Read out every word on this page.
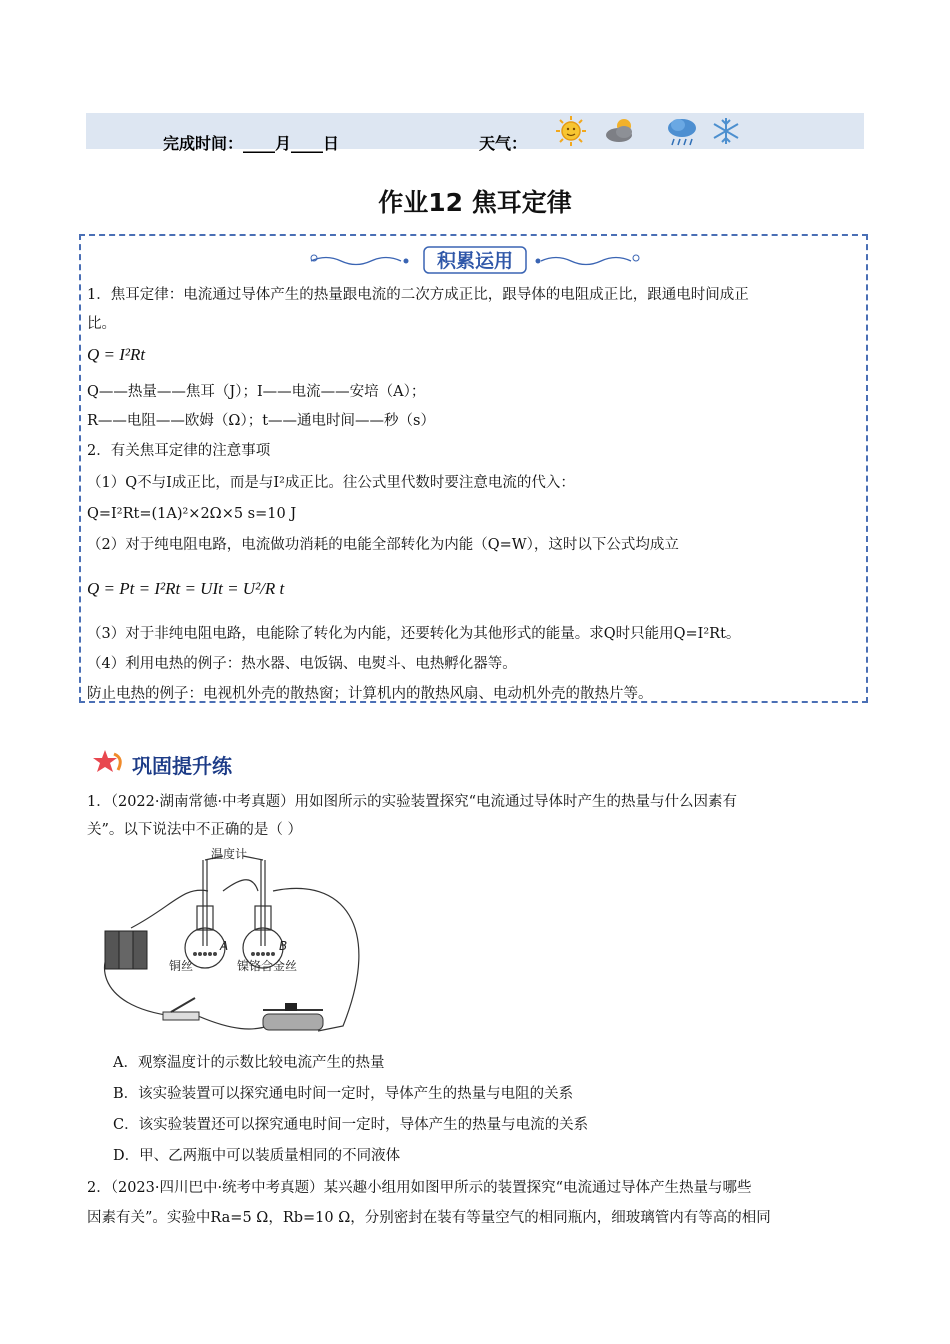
完成时间：____月____日	天气：
作业12 焦耳定律
积累运用
1．焦耳定律：电流通过导体产生的热量跟电流的二次方成正比，跟导体的电阻成正比，跟通电时间成正
比。
Q = I²Rt
Q——热量——焦耳（J）；I——电流——安培（A）；
R——电阻——欧姆（Ω）；t——通电时间——秒（s）
2．有关焦耳定律的注意事项
（1）Q不与I成正比，而是与I²成正比。往公式里代数时要注意电流的代入：
Q=I²Rt=(1A)²×2Ω×5 s=10 J
（2）对于纯电阻电路，电流做功消耗的电能全部转化为内能（Q=W），这时以下公式均成立
Q = Pt = I²Rt = UIt = U²/R t
（3）对于非纯电阻电路，电能除了转化为内能，还要转化为其他形式的能量。求Q时只能用Q=I²Rt。
（4）利用电热的例子：热水器、电饭锅、电熨斗、电热孵化器等。
防止电热的例子：电视机外壳的散热窗；计算机内的散热风扇、电动机外壳的散热片等。
巩固提升练
1．（2022·湖南常德·中考真题）用如图所示的实验装置探究“电流通过导体时产生的热量与什么因素有
关”。以下说法中不正确的是（ ）
温度计
A	B
铜丝	镍铬合金丝
A．观察温度计的示数比较电流产生的热量
B．该实验装置可以探究通电时间一定时，导体产生的热量与电阻的关系
C．该实验装置还可以探究通电时间一定时，导体产生的热量与电流的关系
D．甲、乙两瓶中可以装质量相同的不同液体
2．（2023·四川巴中·统考中考真题）某兴趣小组用如图甲所示的装置探究“电流通过导体产生热量与哪些
因素有关”。实验中Ra=5 Ω，Rb=10 Ω，分别密封在装有等量空气的相同瓶内，细玻璃管内有等高的相同
